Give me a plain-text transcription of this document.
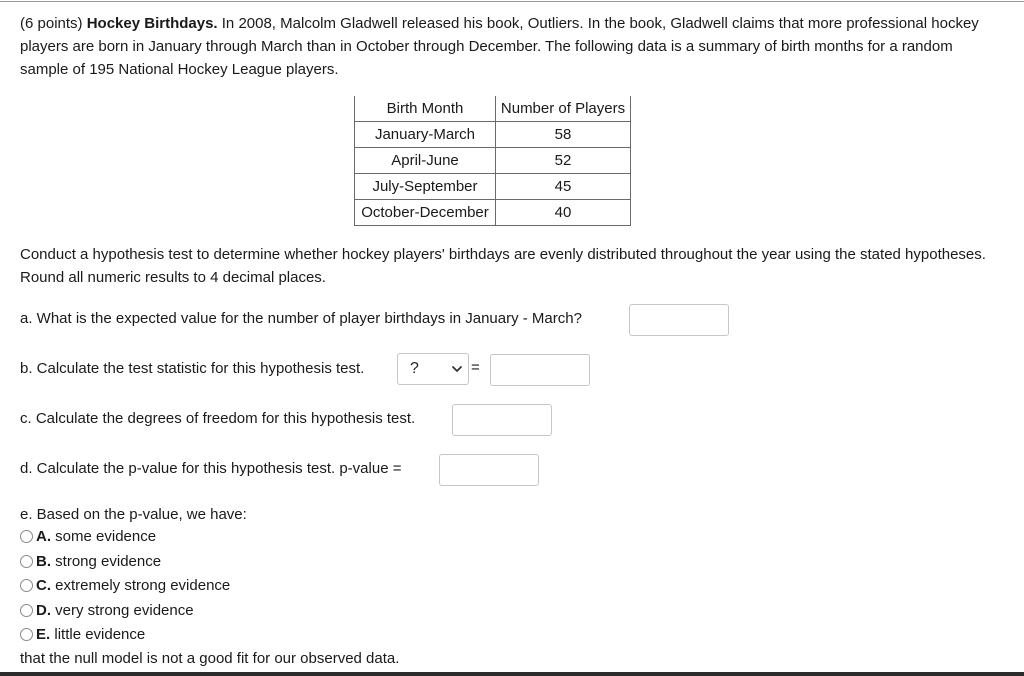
(6 points) Hockey Birthdays. In 2008, Malcolm Gladwell released his book, Outliers. In the book, Gladwell claims that more professional hockey players are born in January through March than in October through December. The following data is a summary of birth months for a random sample of 195 National Hockey League players.

Birth Month	Number of Players
January-March	58
April-June	52
July-September	45
October-December	40

Conduct a hypothesis test to determine whether hockey players' birthdays are evenly distributed throughout the year using the stated hypotheses. Round all numeric results to 4 decimal places.

a. What is the expected value for the number of player birthdays in January - March?
b. Calculate the test statistic for this hypothesis test.	?	=
c. Calculate the degrees of freedom for this hypothesis test.
d. Calculate the p-value for this hypothesis test. p-value =
e. Based on the p-value, we have:
A. some evidence
B. strong evidence
C. extremely strong evidence
D. very strong evidence
E. little evidence
that the null model is not a good fit for our observed data.
